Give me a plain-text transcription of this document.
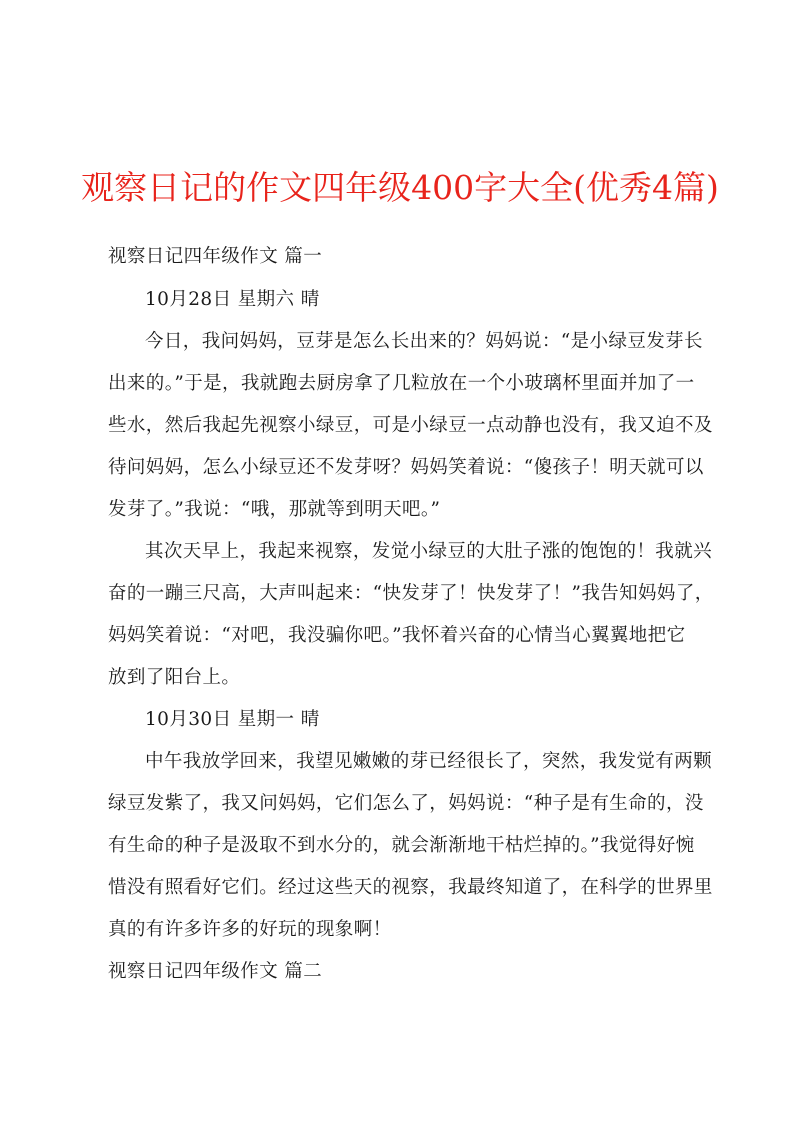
观察日记的作文四年级400字大全(优秀4篇)
视察日记四年级作文 篇一
10月28日 星期六 晴
今日，我问妈妈，豆芽是怎么长出来的？妈妈说：“是小绿豆发芽长
出来的。”于是，我就跑去厨房拿了几粒放在一个小玻璃杯里面并加了一
些水，然后我起先视察小绿豆，可是小绿豆一点动静也没有，我又迫不及
待问妈妈，怎么小绿豆还不发芽呀？妈妈笑着说：“傻孩子！明天就可以
发芽了。”我说：“哦，那就等到明天吧。”
其次天早上，我起来视察，发觉小绿豆的大肚子涨的饱饱的！我就兴
奋的一蹦三尺高，大声叫起来：“快发芽了！快发芽了！”我告知妈妈了，
妈妈笑着说：“对吧，我没骗你吧。”我怀着兴奋的心情当心翼翼地把它
放到了阳台上。
10月30日 星期一 晴
中午我放学回来，我望见嫩嫩的芽已经很长了，突然，我发觉有两颗
绿豆发紫了，我又问妈妈，它们怎么了，妈妈说：“种子是有生命的，没
有生命的种子是汲取不到水分的，就会渐渐地干枯烂掉的。”我觉得好惋
惜没有照看好它们。经过这些天的视察，我最终知道了，在科学的世界里
真的有许多许多的好玩的现象啊！
视察日记四年级作文 篇二
